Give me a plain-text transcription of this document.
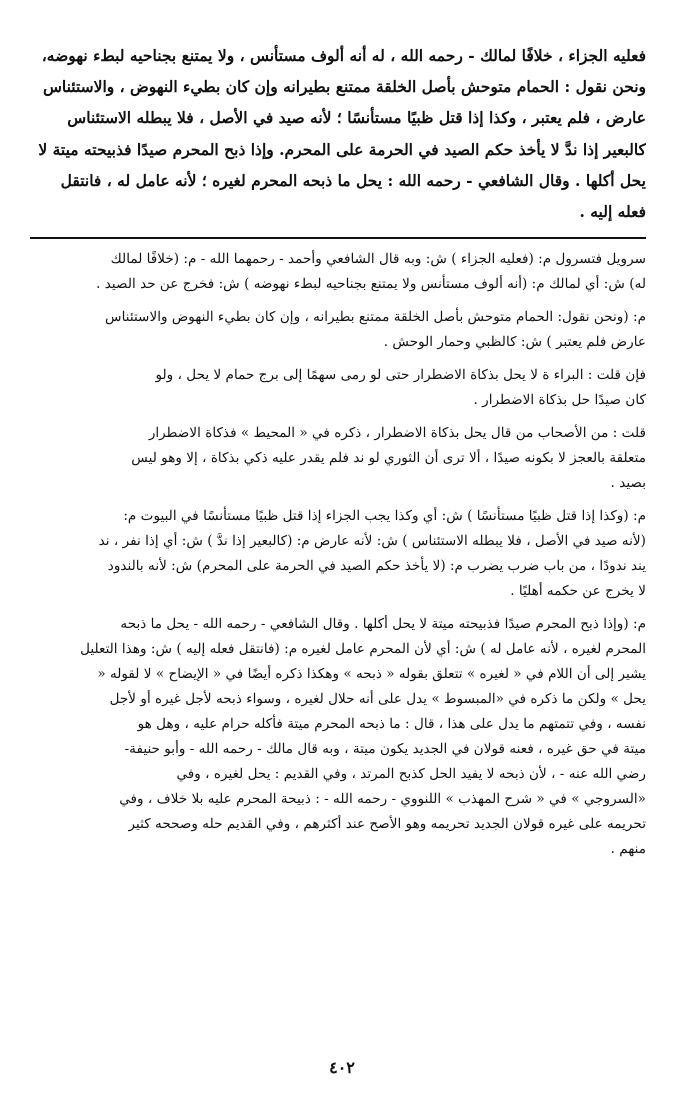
فعليه الجزاء ، خلافًا لمالك - رحمه الله ، له أنه ألوف مستأنس ، ولا يمتنع بجناحيه لبطء نهوضه،

ونحن نقول : الحمام متوحش بأصل الخلقة ممتنع بطيرانه وإن كان بطيء النهوض ، والاستئناس

عارض ، فلم يعتبر ، وكذا إذا قتل ظبيًا مستأنسًا ؛ لأنه صيد في الأصل ، فلا يبطله الاستئناس

كالبعير إذا ندَّ لا يأخذ حكم الصيد في الحرمة على المحرم. وإذا ذبح المحرم صيدًا فذبيحته ميتة لا

يحل أكلها . وقال الشافعي - رحمه الله : يحل ما ذبحه المحرم لغيره ؛ لأنه عامل له ، فانتقل

فعله إليه .

سرويل فتسرول م: (فعليه الجزاء ) ش: وبه قال الشافعي وأحمد - رحمهما الله - م: (خلافًا لمالك

له) ش: أي لمالك م: (أنه ألوف مستأنس ولا يمتنع بجناحيه لبطء نهوضه ) ش: فخرج عن حد الصيد .

م: (ونحن نقول: الحمام متوحش بأصل الخلقة ممتنع بطيرانه ، وإن كان بطيء النهوض والاستئناس

عارض فلم يعتبر ) ش: كالظبي وحمار الوحش .

فإن قلت : البراء ة لا يحل بذكاة الاضطرار حتى لو رمى سهمًا إلى برج حمام لا يحل ، ولو

كان صيدًا حل بذكاة الاضطرار .

قلت : من الأصحاب من قال يحل بذكاة الاضطرار ، ذكره في « المحيط » فذكاة الاضطرار

متعلقة بالعجز لا بكونه صيدًا ، ألا ترى أن الثوري لو ند فلم يقدر عليه ذكي بذكاة ، إلا وهو ليس

بصيد .

م: (وكذا إذا قتل ظبيًا مستأنسًا ) ش: أي وكذا يجب الجزاء إذا قتل ظبيًا مستأنسًا في البيوت م:

(لأنه صيد في الأصل ، فلا يبطله الاستئناس ) ش: لأنه عارض م: (كالبعير إذا ندَّ ) ش: أي إذا نفر ، ند

يند ندودًا ، من باب ضرب يضرب م: (لا يأخذ حكم الصيد في الحرمة على المحرم) ش: لأنه بالندود

لا يخرج عن حكمه أهليًا .

م: (وإذا ذبح المحرم صيدًا فذبيحته ميتة لا يحل أكلها . وقال الشافعي - رحمه الله - يحل ما ذبحه

المحرم لغيره ، لأنه عامل له ) ش: أي لأن المحرم عامل لغيره م: (فانتقل فعله إليه ) ش: وهذا التعليل

يشير إلى أن اللام في « لغيره » تتعلق بقوله « ذبحه » وهكذا ذكره أيضًا في « الإيضاح » لا لقوله «

يحل » ولكن ما ذكره في «المبسوط » يدل على أنه حلال لغيره ، وسواء ذبحه لأجل غيره أو لأجل

نفسه ، وفي تتمتهم ما يدل على هذا ، قال : ما ذبحه المحرم ميتة فأكله حرام عليه ، وهل هو

ميتة في حق غيره ، فعنه قولان في الجديد يكون ميتة ، وبه قال مالك - رحمه الله - وأبو حنيفة-

رضي الله عنه - ، لأن ذبحه لا يفيد الحل كذبح المرتد ، وفي القديم : يحل لغيره ، وفي

«السروجي » في « شرح المهذب » اللنووي - رحمه الله - : ذبيحة المحرم عليه بلا خلاف ، وفي

تحريمه على غيره قولان الجديد تحريمه وهو الأصح عند أكثرهم ، وفي القديم حله وصححه كثير

منهم .

٤٠٢
